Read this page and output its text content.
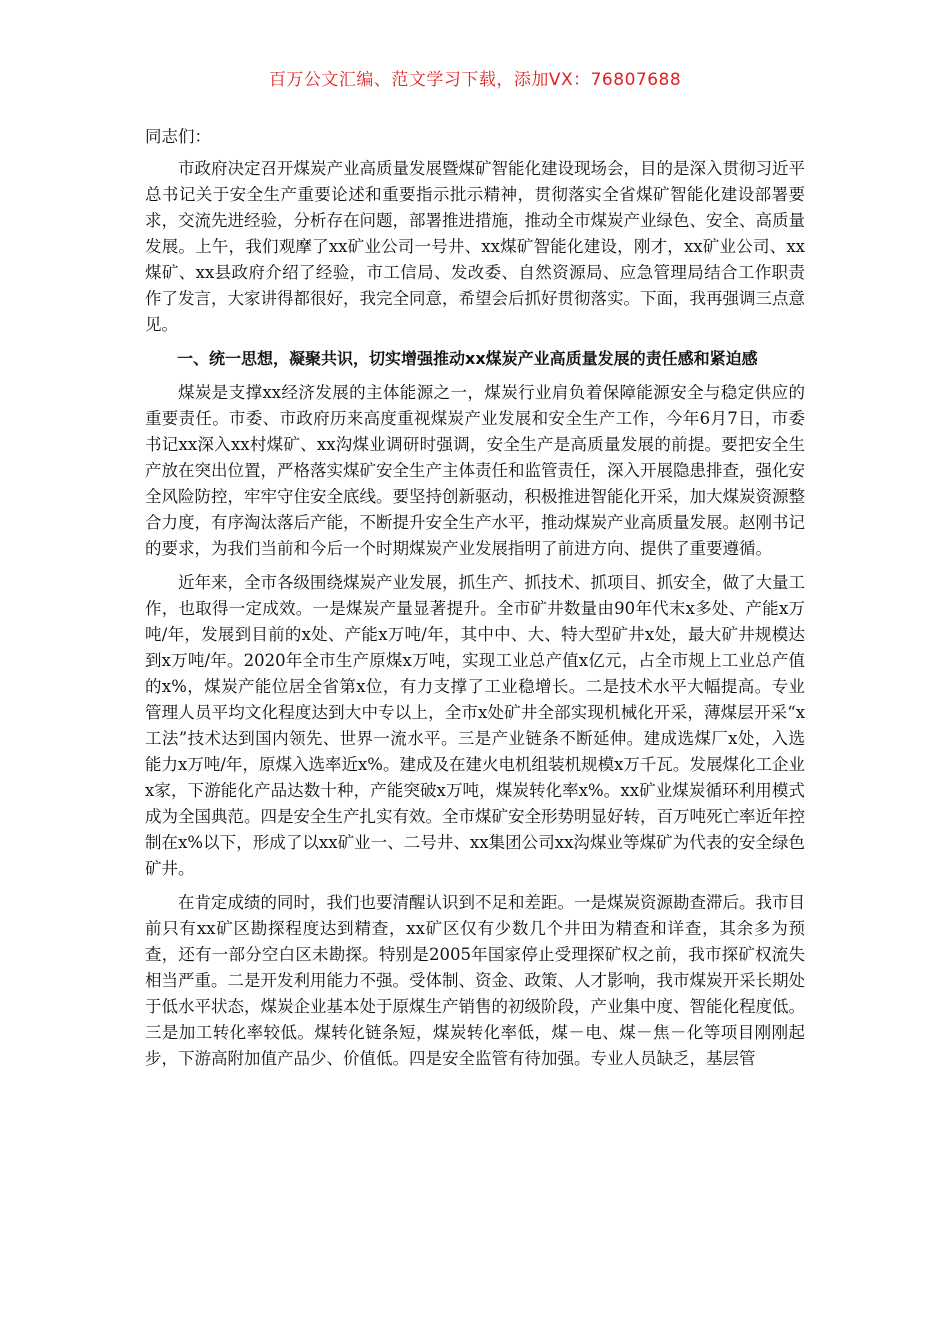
百万公文汇编、范文学习下载，添加VX：76807688

同志们：

市政府决定召开煤炭产业高质量发展暨煤矿智能化建设现场会，目的是深入贯彻习近平总书记关于安全生产重要论述和重要指示批示精神，贯彻落实全省煤矿智能化建设部署要求，交流先进经验，分析存在问题，部署推进措施，推动全市煤炭产业绿色、安全、高质量发展。上午，我们观摩了xx矿业公司一号井、xx煤矿智能化建设，刚才，xx矿业公司、xx煤矿、xx县政府介绍了经验，市工信局、发改委、自然资源局、应急管理局结合工作职责作了发言，大家讲得都很好，我完全同意，希望会后抓好贯彻落实。下面，我再强调三点意见。

一、统一思想，凝聚共识，切实增强推动xx煤炭产业高质量发展的责任感和紧迫感

煤炭是支撑xx经济发展的主体能源之一，煤炭行业肩负着保障能源安全与稳定供应的重要责任。市委、市政府历来高度重视煤炭产业发展和安全生产工作，今年6月7日，市委书记xx深入xx村煤矿、xx沟煤业调研时强调，安全生产是高质量发展的前提。要把安全生产放在突出位置，严格落实煤矿安全生产主体责任和监管责任，深入开展隐患排查，强化安全风险防控，牢牢守住安全底线。要坚持创新驱动，积极推进智能化开采，加大煤炭资源整合力度，有序淘汰落后产能，不断提升安全生产水平，推动煤炭产业高质量发展。赵刚书记的要求，为我们当前和今后一个时期煤炭产业发展指明了前进方向、提供了重要遵循。

近年来，全市各级围绕煤炭产业发展，抓生产、抓技术、抓项目、抓安全，做了大量工作，也取得一定成效。一是煤炭产量显著提升。全市矿井数量由90年代末x多处、产能x万吨/年，发展到目前的x处、产能x万吨/年，其中中、大、特大型矿井x处，最大矿井规模达到x万吨/年。2020年全市生产原煤x万吨，实现工业总产值x亿元，占全市规上工业总产值的x%，煤炭产能位居全省第x位，有力支撑了工业稳增长。二是技术水平大幅提高。专业管理人员平均文化程度达到大中专以上，全市x处矿井全部实现机械化开采，薄煤层开采“x工法”技术达到国内领先、世界一流水平。三是产业链条不断延伸。建成选煤厂x处，入选能力x万吨/年，原煤入选率近x%。建成及在建火电机组装机规模x万千瓦。发展煤化工企业x家，下游能化产品达数十种，产能突破x万吨，煤炭转化率x%。xx矿业煤炭循环利用模式成为全国典范。四是安全生产扎实有效。全市煤矿安全形势明显好转，百万吨死亡率近年控制在x%以下，形成了以xx矿业一、二号井、xx集团公司xx沟煤业等煤矿为代表的安全绿色矿井。

在肯定成绩的同时，我们也要清醒认识到不足和差距。一是煤炭资源勘查滞后。我市目前只有xx矿区勘探程度达到精查，xx矿区仅有少数几个井田为精查和详查，其余多为预查，还有一部分空白区未勘探。特别是2005年国家停止受理探矿权之前，我市探矿权流失相当严重。二是开发利用能力不强。受体制、资金、政策、人才影响，我市煤炭开采长期处于低水平状态，煤炭企业基本处于原煤生产销售的初级阶段，产业集中度、智能化程度低。三是加工转化率较低。煤转化链条短，煤炭转化率低，煤－电、煤－焦－化等项目刚刚起步，下游高附加值产品少、价值低。四是安全监管有待加强。专业人员缺乏，基层管
